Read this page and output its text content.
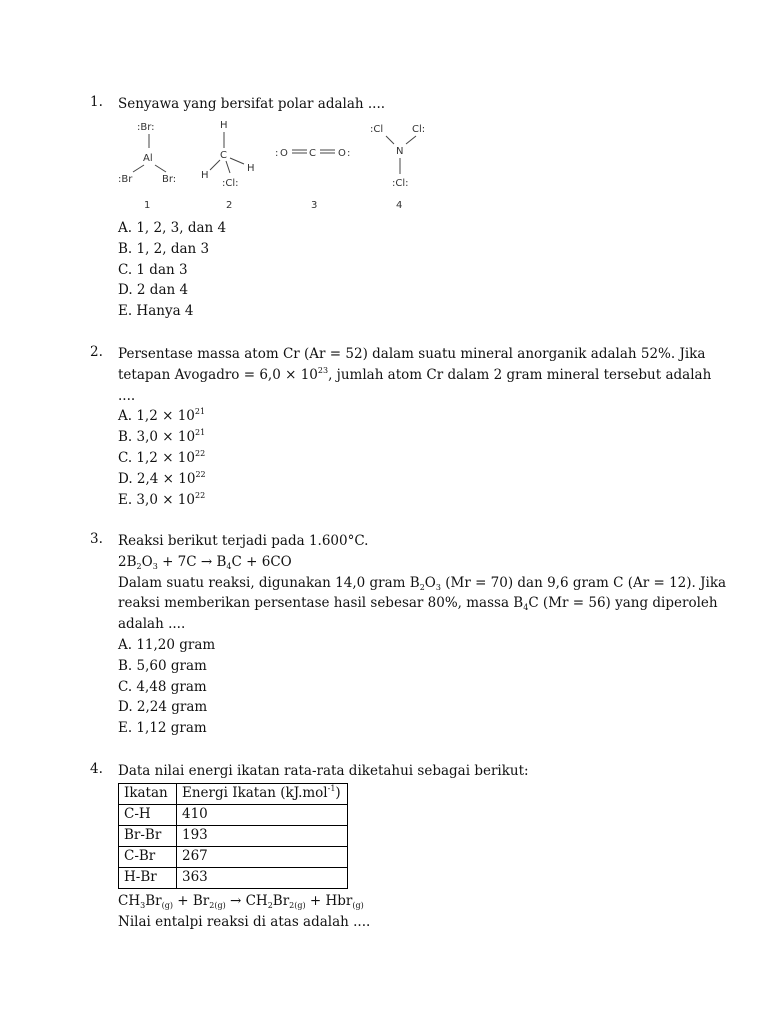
1. Senyawa yang bersifat polar adalah ....
:Br:
Al
:Br	Br:
1
H
C
H
H
:Cl:
2
: O C O :
3
:Cl	Cl:
N
:Cl:
4
A. 1, 2, 3, dan 4
B. 1, 2, dan 3
C. 1 dan 3
D. 2 dan 4
E. Hanya 4
2. Persentase massa atom Cr (Ar = 52) dalam suatu mineral anorganik adalah 52%. Jika
tetapan Avogadro = $6,0 \times 10^{23}$, jumlah atom Cr dalam 2 gram mineral tersebut adalah
....
A. $1,2 \times 10^{21}$
B. $3,0 \times 10^{21}$
C. $1,2 \times 10^{22}$
D. $2,4 \times 10^{22}$
E. $3,0 \times 10^{22}$
3. Reaksi berikut terjadi pada 1.600°C.
$2B_2O_3 + 7C \to B_4C + 6CO$
Dalam suatu reaksi, digunakan 14,0 gram $B_2O_3$ (Mr = 70) dan 9,6 gram C (Ar = 12). Jika
reaksi memberikan persentase hasil sebesar 80%, massa $B_4C$ (Mr = 56) yang diperoleh
adalah ....
A. 11,20 gram
B. 5,60 gram
C. 4,48 gram
D. 2,24 gram
E. 1,12 gram
4. Data nilai energi ikatan rata-rata diketahui sebagai berikut:
Ikatan	Energi Ikatan (kJ.mol$^{-1}$)
C-H	410
Br-Br	193
C-Br	267
H-Br	363
$CH_3Br_{(g)} + Br_{2(g)} \to CH_2Br_{2(g)} + Hbr_{(g)}$
Nilai entalpi reaksi di atas adalah ....
